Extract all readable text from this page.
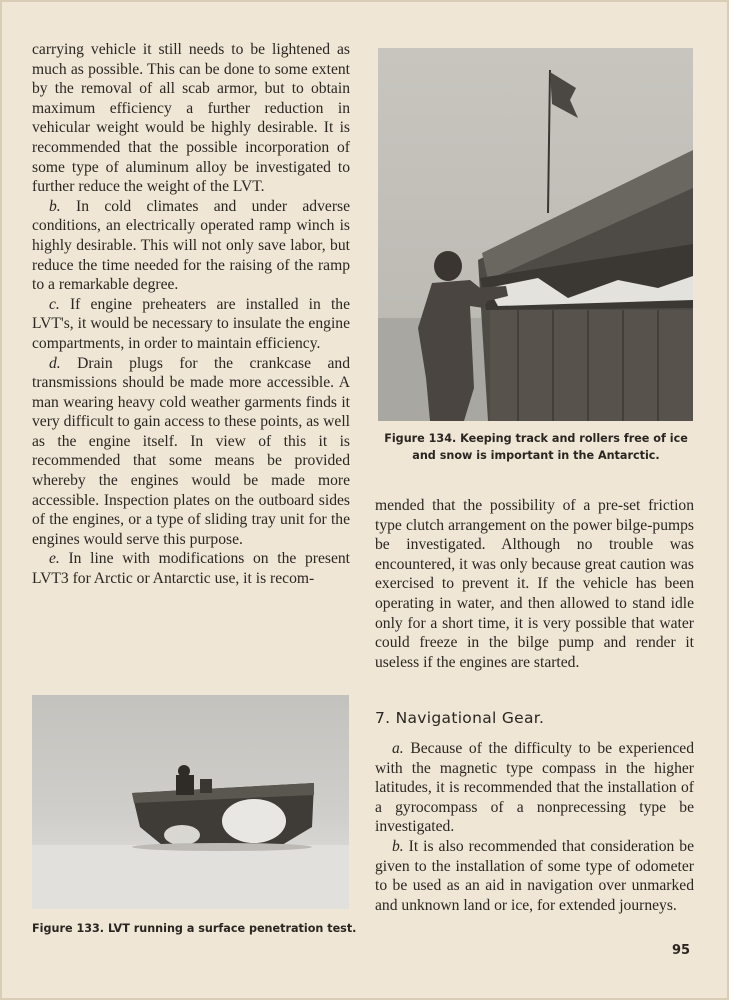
carrying vehicle it still needs to be lightened as much as possible. This can be done to some extent by the removal of all scab armor, but to obtain maximum efficiency a further reduction in vehicular weight would be highly desirable. It is recommended that the possible incorporation of some type of aluminum alloy be investigated to further reduce the weight of the LVT.

b. In cold climates and under adverse conditions, an electrically operated ramp winch is highly desirable. This will not only save labor, but reduce the time needed for the raising of the ramp to a remarkable degree.

c. If engine preheaters are installed in the LVT's, it would be necessary to insulate the engine compartments, in order to maintain efficiency.

d. Drain plugs for the crankcase and transmissions should be made more accessible. A man wearing heavy cold weather garments finds it very difficult to gain access to these points, as well as the engine itself. In view of this it is recommended that some means be provided whereby the engines would be made more accessible. Inspection plates on the outboard sides of the engines, or a type of sliding tray unit for the engines would serve this purpose.

e. In line with modifications on the present LVT3 for Arctic or Antarctic use, it is recom-

Figure 134. Keeping track and rollers free of ice and snow is important in the Antarctic.

mended that the possibility of a pre-set friction type clutch arrangement on the power bilge-pumps be investigated. Although no trouble was encountered, it was only because great caution was exercised to prevent it. If the vehicle has been operating in water, and then allowed to stand idle only for a short time, it is very possible that water could freeze in the bilge pump and render it useless if the engines are started.

7. Navigational Gear.

a. Because of the difficulty to be experienced with the magnetic type compass in the higher latitudes, it is recommended that the installation of a gyrocompass of a nonprecessing type be investigated.

b. It is also recommended that consideration be given to the installation of some type of odometer to be used as an aid in navigation over unmarked and unknown land or ice, for extended journeys.

Figure 133. LVT running a surface penetration test.
95
